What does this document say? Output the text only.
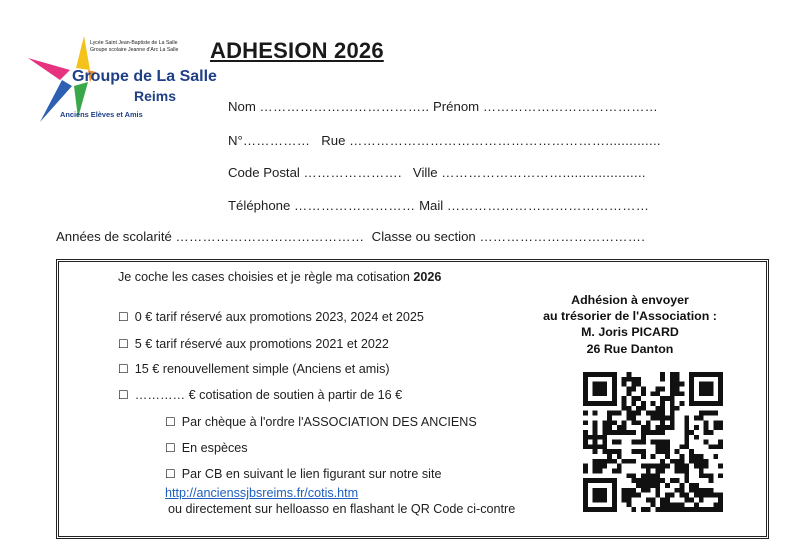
Lycée Saint Jean-Baptiste de La Salle
Groupe scolaire Jeanne d'Arc La Salle
Groupe de La Salle
Reims
Anciens Elèves et Amis
ADHESION 2026
Nom ……………………………….. Prénom …………………………………
N°…………… Rue …………………………………………………..............
Code Postal …………………. Ville ……………………….....................
Téléphone ……………………… Mail ………………………………………
Années de scolarité …………………………………… Classe ou section ……………………………….
Je coche les cases choisies et je règle ma cotisation 2026
☐ 0 € tarif réservé aux promotions 2023, 2024 et 2025
☐ 5 € tarif réservé aux promotions 2021 et 2022
☐ 15 € renouvellement simple (Anciens et amis)
☐ ………… € cotisation de soutien à partir de 16 €
☐ Par chèque à l'ordre l'ASSOCIATION DES ANCIENS
☐ En espèces
☐ Par CB en suivant le lien figurant sur notre site
http://ancienssjbsreims.fr/cotis.htm
ou directement sur helloasso en flashant le QR Code ci-contre
Adhésion à envoyer
au trésorier de l'Association :
M. Joris PICARD
26 Rue Danton
